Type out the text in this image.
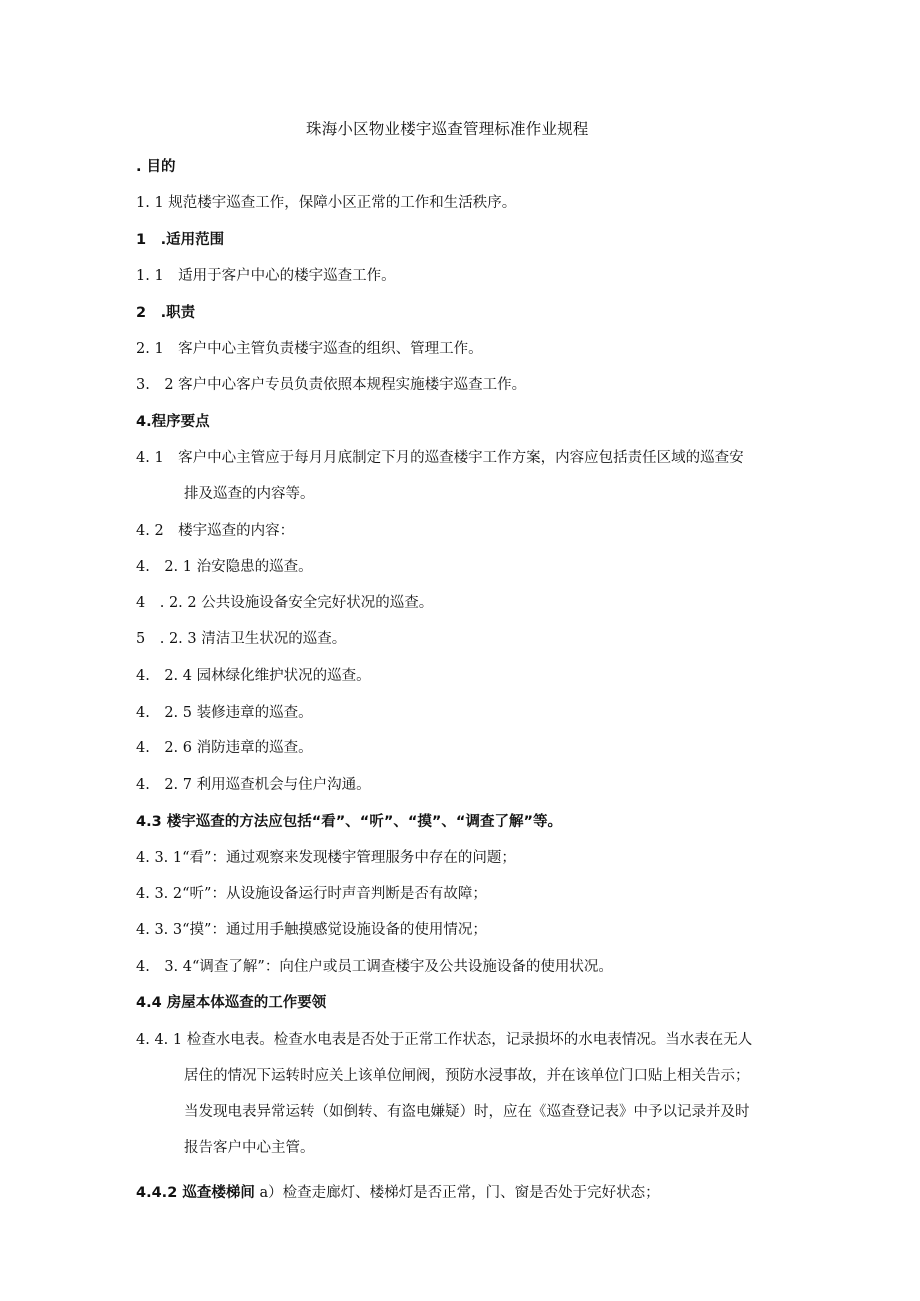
珠海小区物业楼宇巡查管理标准作业规程
. 目的
1. 1 规范楼宇巡查工作，保障小区正常的工作和生活秩序。
1　.适用范围
1. 1　适用于客户中心的楼宇巡查工作。
2　.职责
2. 1　客户中心主管负责楼宇巡查的组织、管理工作。
3.　2 客户中心客户专员负责依照本规程实施楼宇巡查工作。
4.程序要点
4. 1　客户中心主管应于每月月底制定下月的巡查楼宇工作方案，内容应包括责任区域的巡查安
排及巡查的内容等。
4. 2　楼宇巡查的内容：
4.　2. 1 治安隐患的巡查。
4　. 2. 2 公共设施设备安全完好状况的巡查。
5　. 2. 3 清洁卫生状况的巡查。
4.　2. 4 园林绿化维护状况的巡查。
4.　2. 5 装修违章的巡查。
4.　2. 6 消防违章的巡查。
4.　2. 7 利用巡查机会与住户沟通。
4.3 楼宇巡查的方法应包括“看”、“听”、“摸”、“调查了解”等。
4. 3. 1“看”：通过观察来发现楼宇管理服务中存在的问题；
4. 3. 2“听”：从设施设备运行时声音判断是否有故障；
4. 3. 3“摸”：通过用手触摸感觉设施设备的使用情况；
4.　3. 4“调查了解”：向住户或员工调查楼宇及公共设施设备的使用状况。
4.4 房屋本体巡查的工作要领
4. 4. 1 检查水电表。检查水电表是否处于正常工作状态，记录损坏的水电表情况。当水表在无人
居住的情况下运转时应关上该单位闸阀，预防水浸事故，并在该单位门口贴上相关告示；
当发现电表异常运转（如倒转、有盗电嫌疑）时，应在《巡查登记表》中予以记录并及时
报告客户中心主管。
4.4.2 巡查楼梯间 a）检查走廊灯、楼梯灯是否正常，门、窗是否处于完好状态；
